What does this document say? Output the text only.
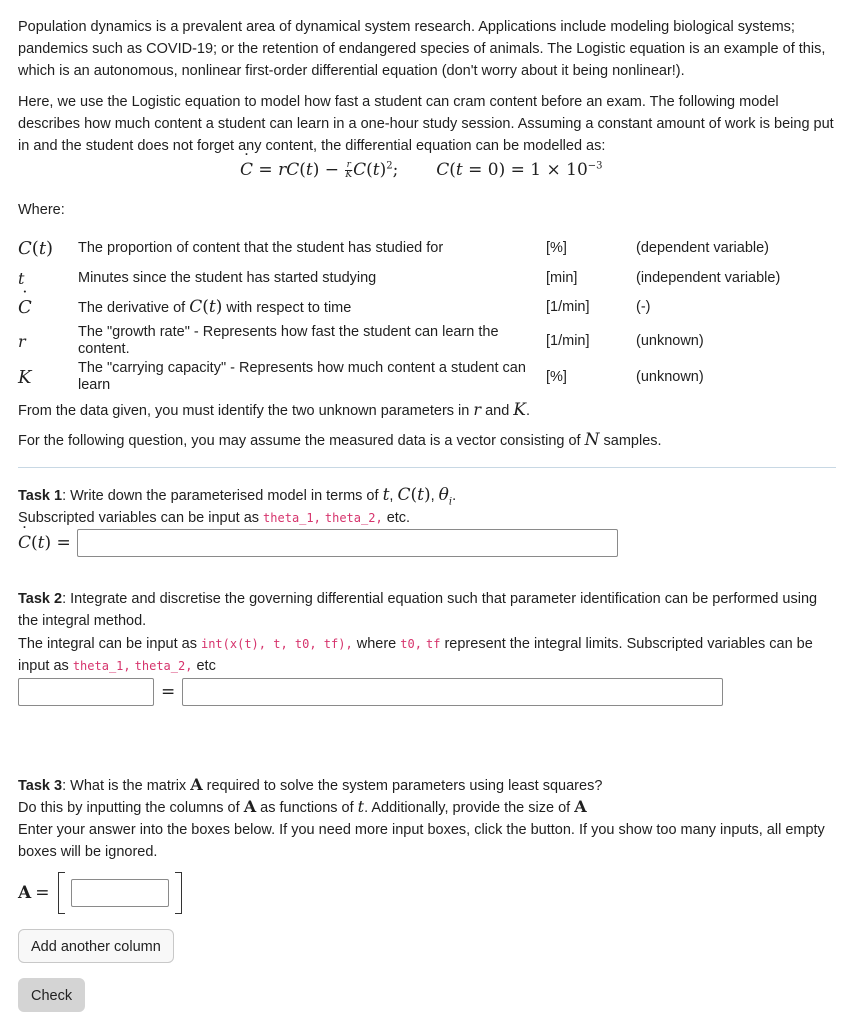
Population dynamics is a prevalent area of dynamical system research. Applications include modeling biological systems; pandemics such as COVID-19; or the retention of endangered species of animals. The Logistic equation is an example of this, which is an autonomous, nonlinear first-order differential equation (don't worry about it being nonlinear!).

Here, we use the Logistic equation to model how fast a student can cram content before an exam. The following model describes how much content a student can learn in a one-hour study session. Assuming a constant amount of work is being put in and the student does not forget any content, the differential equation can be modelled as:

˙ $C = rC(t) - \frac{r}{K} C(t)^2$;       $C(t = 0) = 1 \times 10^{-3}$

Where:

C(t)	The proportion of content that the student has studied for	[%]	(dependent variable)
t	Minutes since the student has started studying	[min]	(independent variable)
˙ C	The derivative of C(t) with respect to time	[1/min]	(-)
r	The "growth rate" - Represents how fast the student can learn the content.	[1/min]	(unknown)
K	The "carrying capacity" - Represents how much content a student can learn	[%]	(unknown)

From the data given, you must identify the two unknown parameters in r and K.

For the following question, you may assume the measured data is a vector consisting of N samples.

Task 1: Write down the parameterised model in terms of t, C(t), $\theta_i$.

Subscripted variables can be input as theta_1, theta_2, etc.

˙ C(t) =

Task 2: Integrate and discretise the governing differential equation such that parameter identification can be performed using the integral method.

The integral can be input as int(x(t), t, t0, tf), where t0, tf represent the integral limits. Subscripted variables can be input as theta_1, theta_2, etc

=

Task 3: What is the matrix A required to solve the system parameters using least squares?

Do this by inputting the columns of A as functions of t. Additionally, provide the size of A

Enter your answer into the boxes below. If you need more input boxes, click the button. If you show too many inputs, all empty boxes will be ignored.

A =
Add another column
Check
